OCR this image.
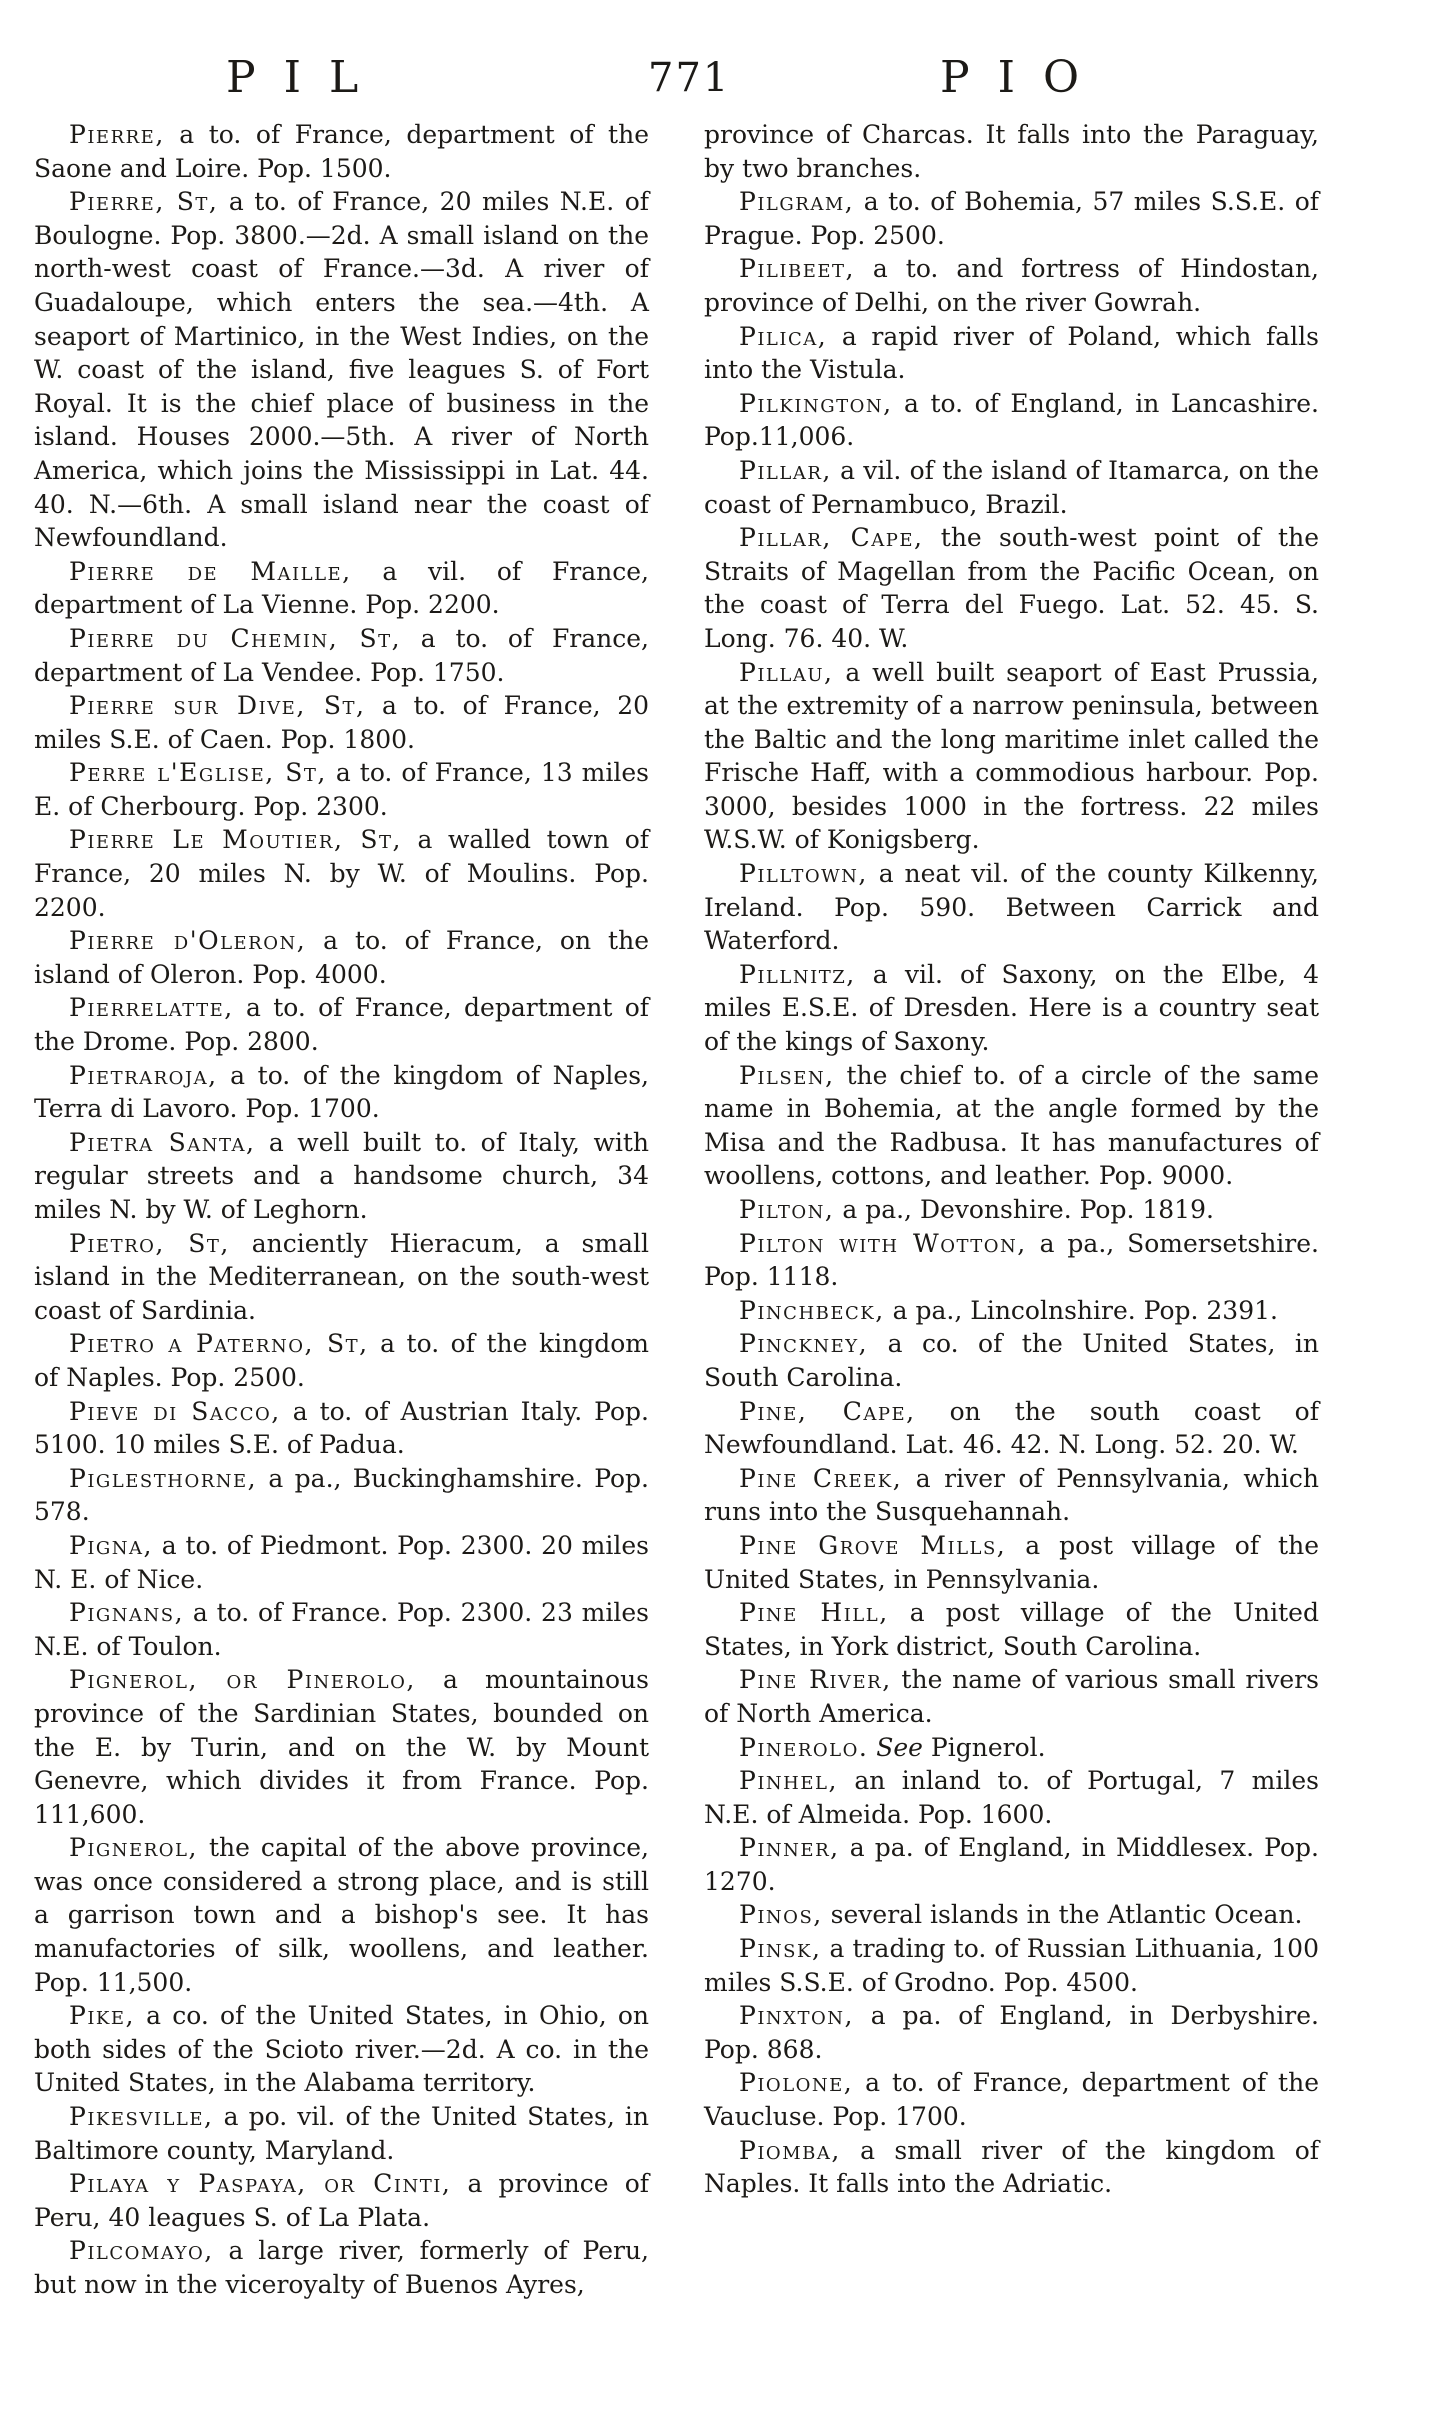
PIL	771	PIO

Pierre, a to. of France, department of the Saone and Loire. Pop. 1500.

Pierre, St, a to. of France, 20 miles N.E. of Boulogne. Pop. 3800.—2d. A small island on the north-west coast of France.—3d. A river of Guadaloupe, which enters the sea.—4th. A seaport of Martinico, in the West Indies, on the W. coast of the island, five leagues S. of Fort Royal. It is the chief place of business in the island. Houses 2000.—5th. A river of North America, which joins the Mississippi in Lat. 44. 40. N.—6th. A small island near the coast of Newfoundland.

Pierre de Maille, a vil. of France, department of La Vienne. Pop. 2200.

Pierre du Chemin, St, a to. of France, department of La Vendee. Pop. 1750.

Pierre sur Dive, St, a to. of France, 20 miles S.E. of Caen. Pop. 1800.

Perre l'Eglise, St, a to. of France, 13 miles E. of Cherbourg. Pop. 2300.

Pierre Le Moutier, St, a walled town of France, 20 miles N. by W. of Moulins. Pop. 2200.

Pierre d'Oleron, a to. of France, on the island of Oleron. Pop. 4000.

Pierrelatte, a to. of France, department of the Drome. Pop. 2800.

Pietraroja, a to. of the kingdom of Naples, Terra di Lavoro. Pop. 1700.

Pietra Santa, a well built to. of Italy, with regular streets and a handsome church, 34 miles N. by W. of Leghorn.

Pietro, St, anciently Hieracum, a small island in the Mediterranean, on the south-west coast of Sardinia.

Pietro a Paterno, St, a to. of the kingdom of Naples. Pop. 2500.

Pieve di Sacco, a to. of Austrian Italy. Pop. 5100. 10 miles S.E. of Padua.

Piglesthorne, a pa., Buckinghamshire. Pop. 578.

Pigna, a to. of Piedmont. Pop. 2300. 20 miles N. E. of Nice.

Pignans, a to. of France. Pop. 2300. 23 miles N.E. of Toulon.

Pignerol, or Pinerolo, a mountainous province of the Sardinian States, bounded on the E. by Turin, and on the W. by Mount Genevre, which divides it from France. Pop. 111,600.

Pignerol, the capital of the above province, was once considered a strong place, and is still a garrison town and a bishop's see. It has manufactories of silk, woollens, and leather. Pop. 11,500.

Pike, a co. of the United States, in Ohio, on both sides of the Scioto river.—2d. A co. in the United States, in the Alabama territory.

Pikesville, a po. vil. of the United States, in Baltimore county, Maryland.

Pilaya y Paspaya, or Cinti, a province of Peru, 40 leagues S. of La Plata.

Pilcomayo, a large river, formerly of Peru, but now in the viceroyalty of Buenos Ayres,

province of Charcas. It falls into the Paraguay, by two branches.

Pilgram, a to. of Bohemia, 57 miles S.S.E. of Prague. Pop. 2500.

Pilibeet, a to. and fortress of Hindostan, province of Delhi, on the river Gowrah.

Pilica, a rapid river of Poland, which falls into the Vistula.

Pilkington, a to. of England, in Lancashire. Pop.11,006.

Pillar, a vil. of the island of Itamarca, on the coast of Pernambuco, Brazil.

Pillar, Cape, the south-west point of the Straits of Magellan from the Pacific Ocean, on the coast of Terra del Fuego. Lat. 52. 45. S. Long. 76. 40. W.

Pillau, a well built seaport of East Prussia, at the extremity of a narrow peninsula, between the Baltic and the long maritime inlet called the Frische Haff, with a commodious harbour. Pop. 3000, besides 1000 in the fortress. 22 miles W.S.W. of Konigsberg.

Pilltown, a neat vil. of the county Kilkenny, Ireland. Pop. 590. Between Carrick and Waterford.

Pillnitz, a vil. of Saxony, on the Elbe, 4 miles E.S.E. of Dresden. Here is a country seat of the kings of Saxony.

Pilsen, the chief to. of a circle of the same name in Bohemia, at the angle formed by the Misa and the Radbusa. It has manufactures of woollens, cottons, and leather. Pop. 9000.

Pilton, a pa., Devonshire. Pop. 1819.

Pilton with Wotton, a pa., Somersetshire. Pop. 1118.

Pinchbeck, a pa., Lincolnshire. Pop. 2391.

Pinckney, a co. of the United States, in South Carolina.

Pine, Cape, on the south coast of Newfoundland. Lat. 46. 42. N. Long. 52. 20. W.

Pine Creek, a river of Pennsylvania, which runs into the Susquehannah.

Pine Grove Mills, a post village of the United States, in Pennsylvania.

Pine Hill, a post village of the United States, in York district, South Carolina.

Pine River, the name of various small rivers of North America.

Pinerolo. See Pignerol.

Pinhel, an inland to. of Portugal, 7 miles N.E. of Almeida. Pop. 1600.

Pinner, a pa. of England, in Middlesex. Pop. 1270.

Pinos, several islands in the Atlantic Ocean.

Pinsk, a trading to. of Russian Lithuania, 100 miles S.S.E. of Grodno. Pop. 4500.

Pinxton, a pa. of England, in Derbyshire. Pop. 868.

Piolone, a to. of France, department of the Vaucluse. Pop. 1700.

Piomba, a small river of the kingdom of Naples. It falls into the Adriatic.
